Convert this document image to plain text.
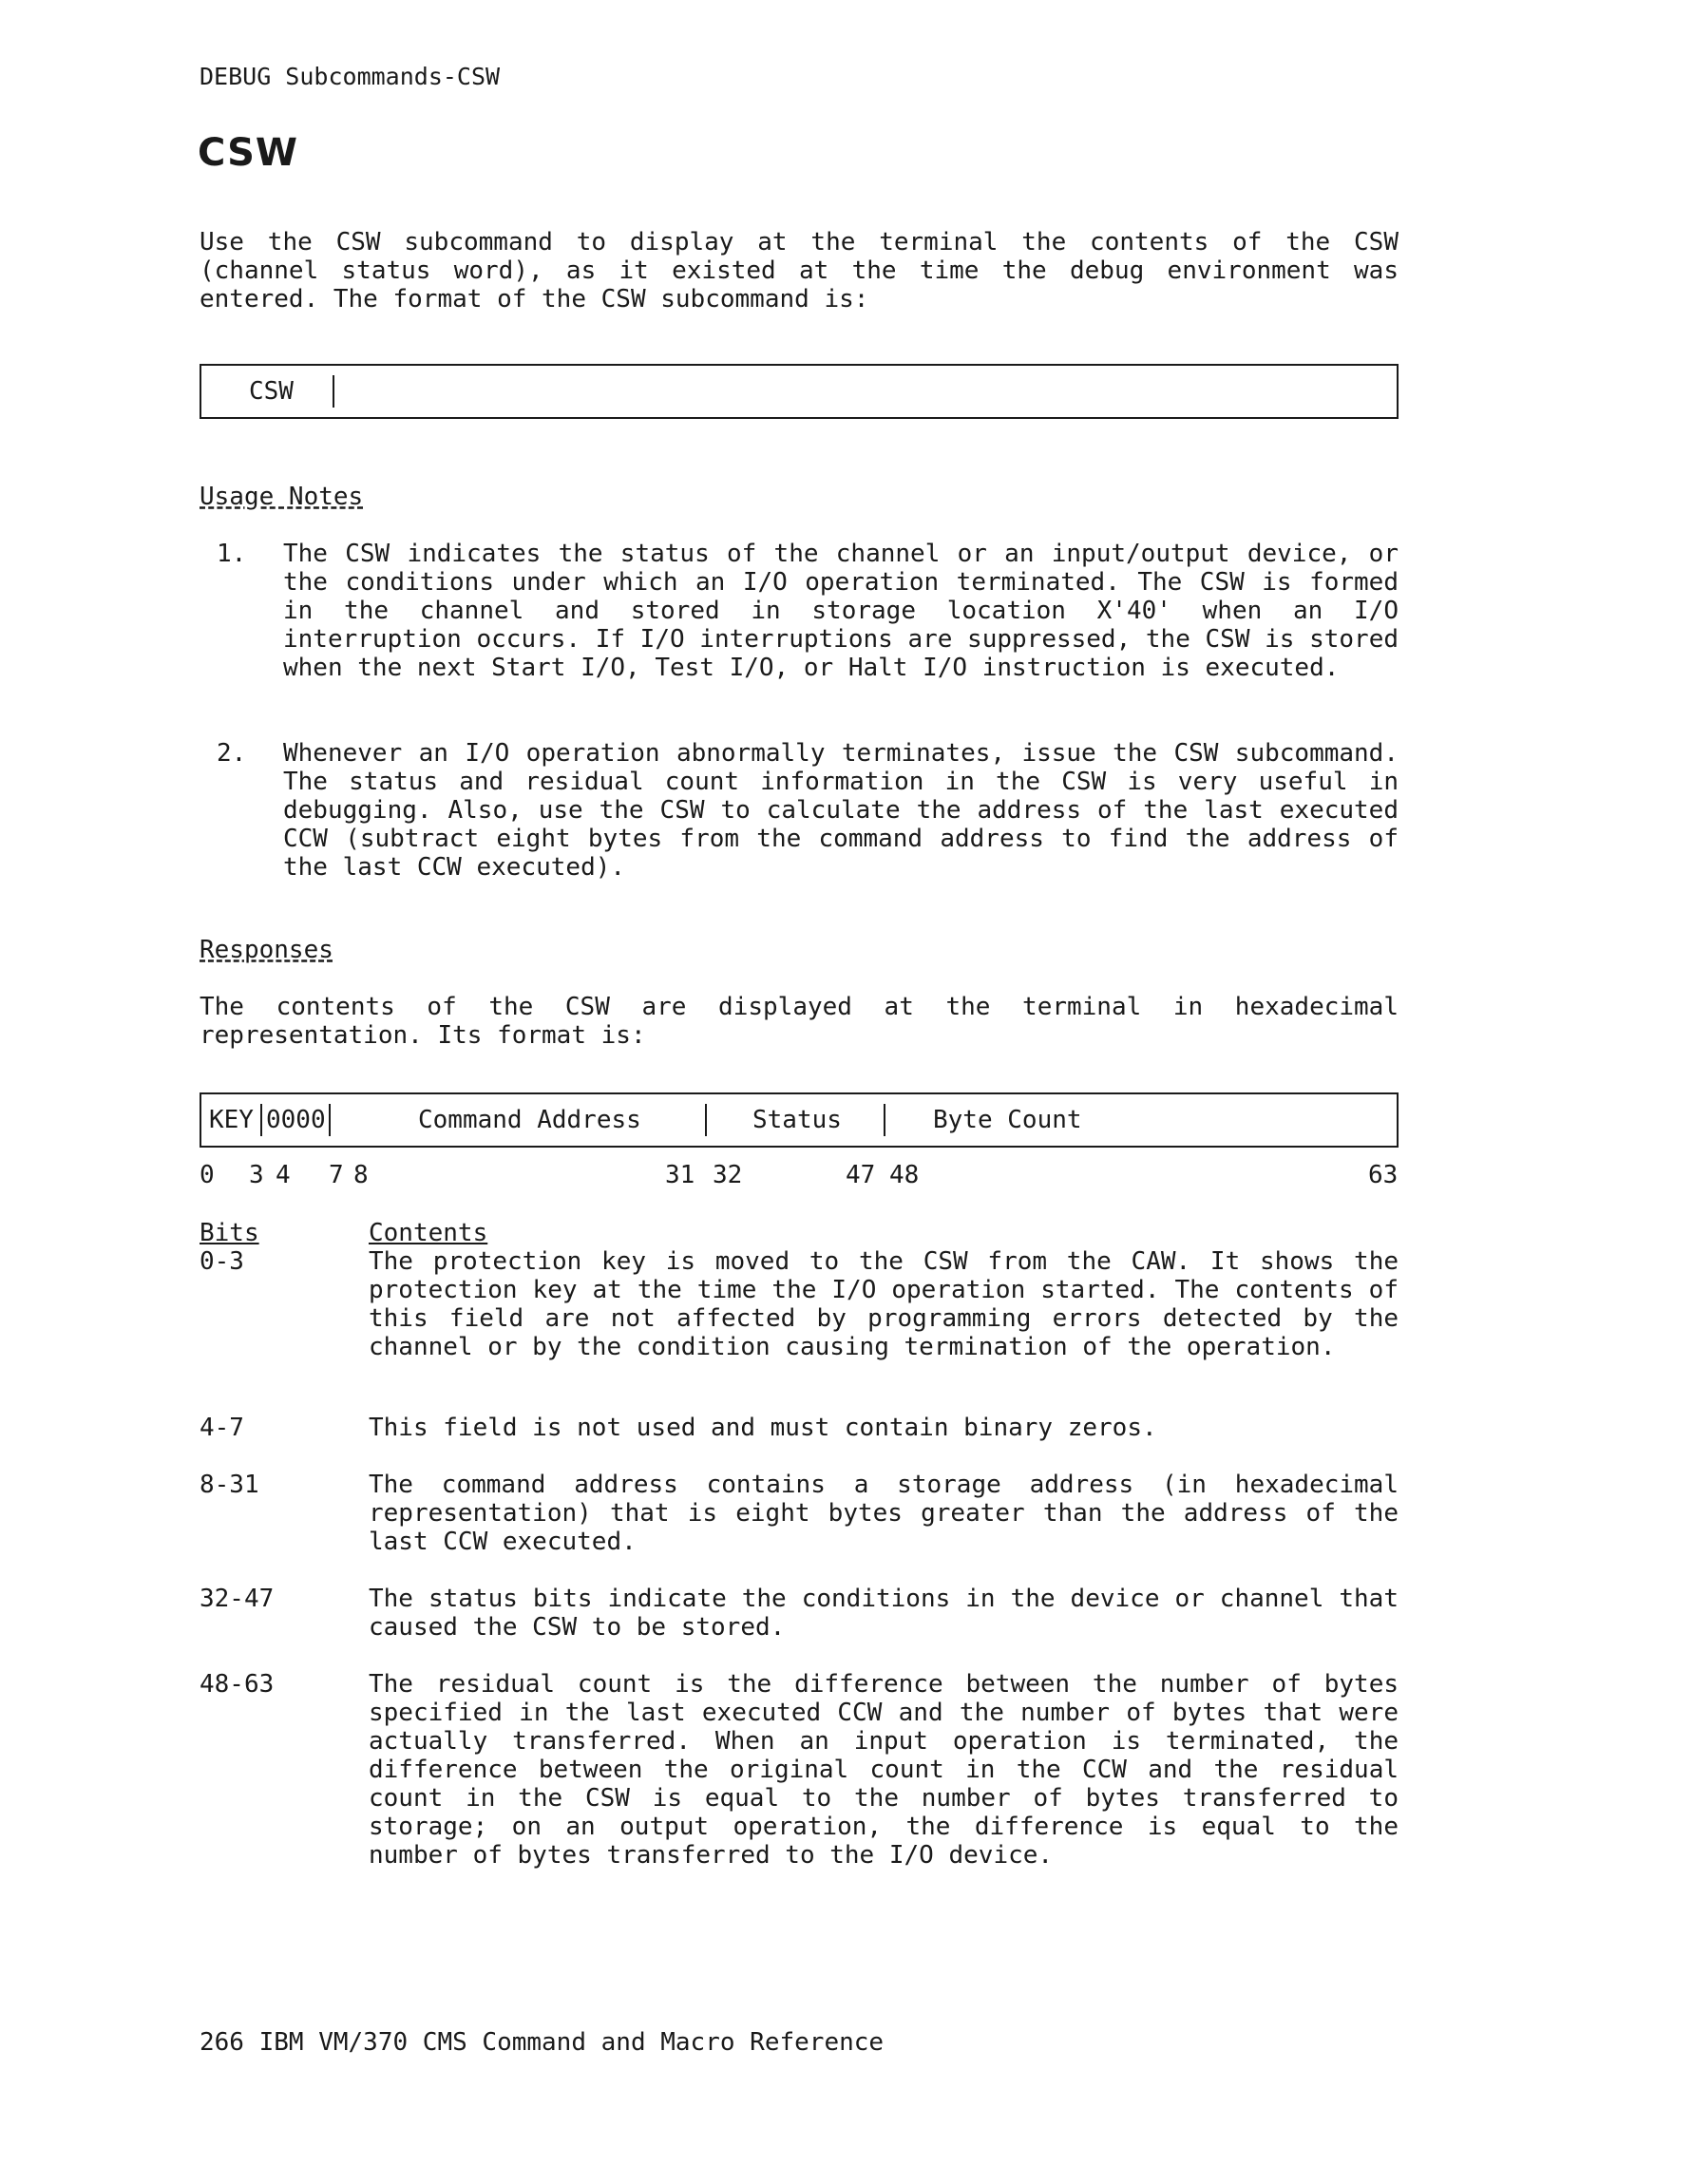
DEBUG Subcommands-CSW
CSW

Use the CSW subcommand to display at the terminal the contents of the CSW (channel status word), as it existed at the time the debug environment was entered. The format of the CSW subcommand is:

CSW
Usage Notes
1. The CSW indicates the status of the channel or an input/output device, or the conditions under which an I/O operation terminated. The CSW is formed in the channel and stored in storage location X'40' when an I/O interruption occurs. If I/O interruptions are suppressed, the CSW is stored when the next Start I/O, Test I/O, or Halt I/O instruction is executed.
2. Whenever an I/O operation abnormally terminates, issue the CSW subcommand. The status and residual count information in the CSW is very useful in debugging. Also, use the CSW to calculate the address of the last executed CCW (subtract eight bytes from the command address to find the address of the last CCW executed).
Responses

The contents of the CSW are displayed at the terminal in hexadecimal representation. Its format is:

KEY 0000	Command Address	Status	Byte Count
0 3 4 7 8	31 32	47 48	63
Bits	Contents
0-3	The protection key is moved to the CSW from the CAW. It shows the protection key at the time the I/O operation started. The contents of this field are not affected by programming errors detected by the channel or by the condition causing termination of the operation.
4-7	This field is not used and must contain binary zeros.
8-31	The command address contains a storage address (in hexadecimal representation) that is eight bytes greater than the address of the last CCW executed.
32-47	The status bits indicate the conditions in the device or channel that caused the CSW to be stored.
48-63	The residual count is the difference between the number of bytes specified in the last executed CCW and the number of bytes that were actually transferred. When an input operation is terminated, the difference between the original count in the CCW and the residual count in the CSW is equal to the number of bytes transferred to storage; on an output operation, the difference is equal to the number of bytes transferred to the I/O device.
266 IBM VM/370 CMS Command and Macro Reference
